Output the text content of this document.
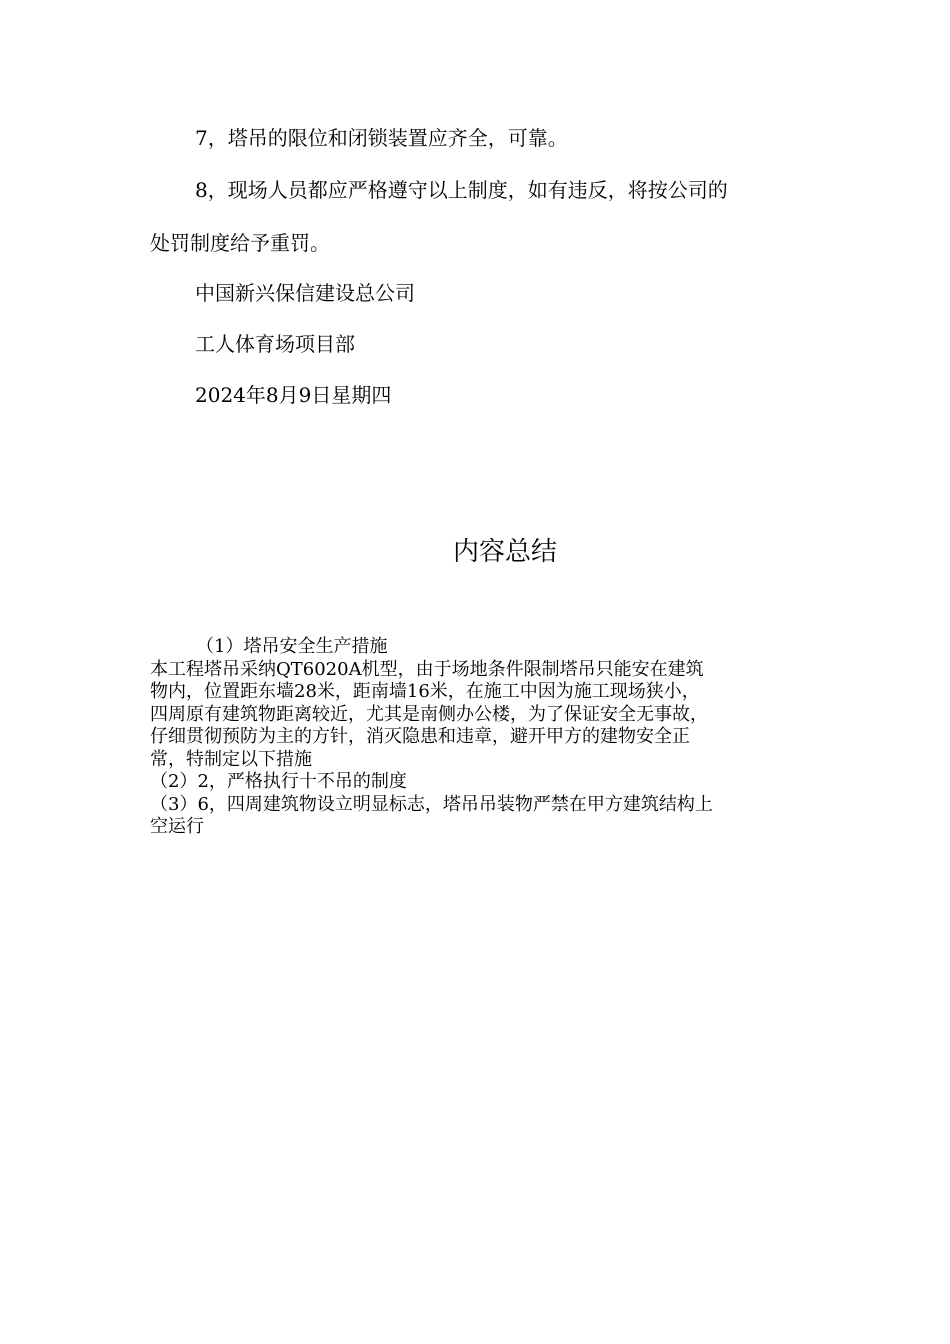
7，塔吊的限位和闭锁装置应齐全，可靠。

8，现场人员都应严格遵守以上制度，如有违反，将按公司的

处罚制度给予重罚。

中国新兴保信建设总公司

工人体育场项目部

2024年8月9日星期四

内容总结

（1）塔吊安全生产措施

本工程塔吊采纳QT6020A机型，由于场地条件限制塔吊只能安在建筑

物内，位置距东墙28米，距南墙16米，在施工中因为施工现场狭小，

四周原有建筑物距离较近，尤其是南侧办公楼，为了保证安全无事故，

仔细贯彻预防为主的方针，消灭隐患和违章，避开甲方的建物安全正

常，特制定以下措施

（2）2，严格执行十不吊的制度

（3）6，四周建筑物设立明显标志，塔吊吊装物严禁在甲方建筑结构上

空运行
